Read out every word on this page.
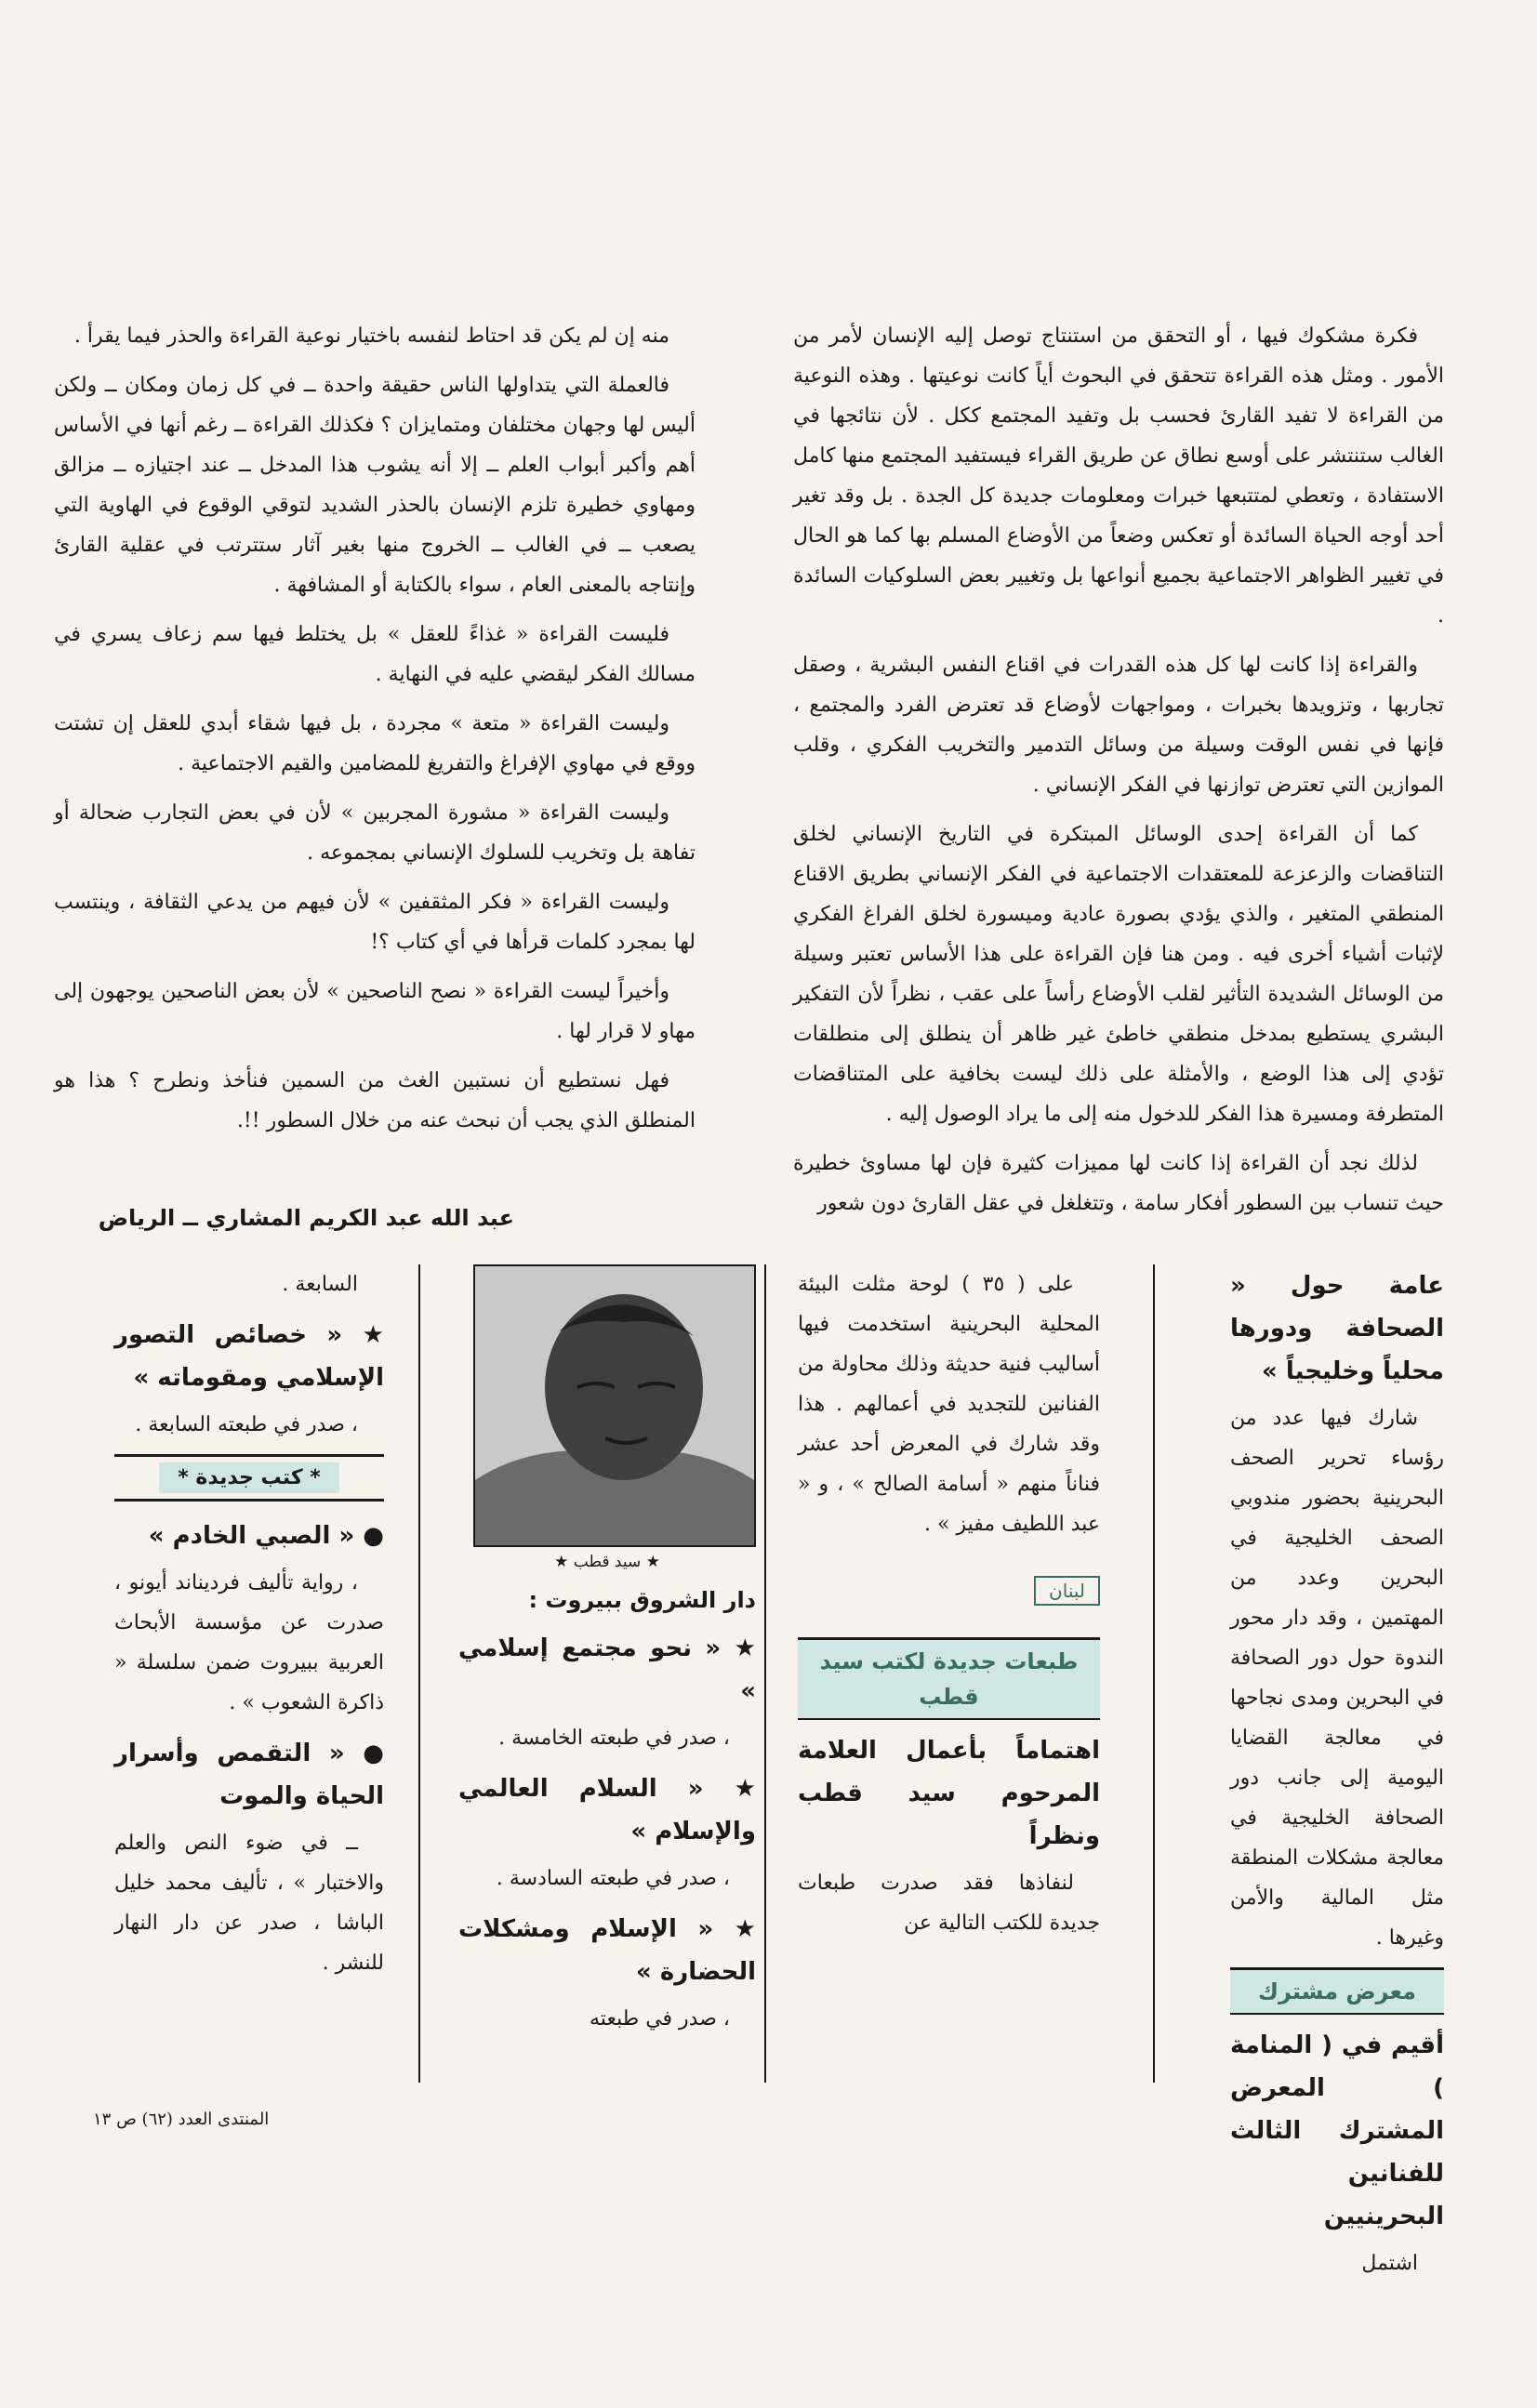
فكرة مشكوك فيها ، أو التحقق من استنتاج توصل إليه الإنسان لأمر من الأمور . ومثل هذه القراءة تتحقق في البحوث أياً كانت نوعيتها . وهذه النوعية من القراءة لا تفيد القارئ فحسب بل وتفيد المجتمع ككل . لأن نتائجها في الغالب ستنتشر على أوسع نطاق عن طريق القراء فيستفيد المجتمع منها كامل الاستفادة ، وتعطي لمتتبعها خبرات ومعلومات جديدة كل الجدة . بل وقد تغير أحد أوجه الحياة السائدة أو تعكس وضعاً من الأوضاع المسلم بها كما هو الحال في تغيير الظواهر الاجتماعية بجميع أنواعها بل وتغيير بعض السلوكيات السائدة .

والقراءة إذا كانت لها كل هذه القدرات في اقناع النفس البشرية ، وصقل تجاربها ، وتزويدها بخبرات ، ومواجهات لأوضاع قد تعترض الفرد والمجتمع ، فإنها في نفس الوقت وسيلة من وسائل التدمير والتخريب الفكري ، وقلب الموازين التي تعترض توازنها في الفكر الإنساني .

كما أن القراءة إحدى الوسائل المبتكرة في التاريخ الإنساني لخلق التناقضات والزعزعة للمعتقدات الاجتماعية في الفكر الإنساني بطريق الاقناع المنطقي المتغير ، والذي يؤدي بصورة عادية وميسورة لخلق الفراغ الفكري لإثبات أشياء أخرى فيه . ومن هنا فإن القراءة على هذا الأساس تعتبر وسيلة من الوسائل الشديدة التأثير لقلب الأوضاع رأساً على عقب ، نظراً لأن التفكير البشري يستطيع بمدخل منطقي خاطئ غير ظاهر أن ينطلق إلى منطلقات تؤدي إلى هذا الوضع ، والأمثلة على ذلك ليست بخافية على المتناقضات المتطرفة ومسيرة هذا الفكر للدخول منه إلى ما يراد الوصول إليه .

لذلك نجد أن القراءة إذا كانت لها مميزات كثيرة فإن لها مساوئ خطيرة حيث تنساب بين السطور أفكار سامة ، وتتغلغل في عقل القارئ دون شعور

منه إن لم يكن قد احتاط لنفسه باختيار نوعية القراءة والحذر فيما يقرأ .

فالعملة التي يتداولها الناس حقيقة واحدة ــ في كل زمان ومكان ــ ولكن أليس لها وجهان مختلفان ومتمايزان ؟ فكذلك القراءة ــ رغم أنها في الأساس أهم وأكبر أبواب العلم ــ إلا أنه يشوب هذا المدخل ــ عند اجتيازه ــ مزالق ومهاوي خطيرة تلزم الإنسان بالحذر الشديد لتوقي الوقوع في الهاوية التي يصعب ــ في الغالب ــ الخروج منها بغير آثار ستترتب في عقلية القارئ وإنتاجه بالمعنى العام ، سواء بالكتابة أو المشافهة .

فليست القراءة « غذاءً للعقل » بل يختلط فيها سم زعاف يسري في مسالك الفكر ليقضي عليه في النهاية .

وليست القراءة « متعة » مجردة ، بل فيها شقاء أبدي للعقل إن تشتت ووقع في مهاوي الإفراغ والتفريغ للمضامين والقيم الاجتماعية .

وليست القراءة « مشورة المجربين » لأن في بعض التجارب ضحالة أو تفاهة بل وتخريب للسلوك الإنساني بمجموعه .

وليست القراءة « فكر المثقفين » لأن فيهم من يدعي الثقافة ، وينتسب لها بمجرد كلمات قرأها في أي كتاب ؟!

وأخيراً ليست القراءة « نصح الناصحين » لأن بعض الناصحين يوجهون إلى مهاو لا قرار لها .

فهل نستطيع أن نستبين الغث من السمين فنأخذ ونطرح ؟ هذا هو المنطلق الذي يجب أن نبحث عنه من خلال السطور !!.

عبد الله عبد الكريم المشاري ــ الرياض
عامة حول « الصحافة ودورها محلياً وخليجياً »

شارك فيها عدد من رؤساء تحرير الصحف البحرينية بحضور مندوبي الصحف الخليجية في البحرين وعدد من المهتمين ، وقد دار محور الندوة حول دور الصحافة في البحرين ومدى نجاحها في معالجة القضايا اليومية إلى جانب دور الصحافة الخليجية في معالجة مشكلات المنطقة مثل المالية والأمن وغيرها .

معرض مشترك
أقيم في ( المنامة ) المعرض المشترك الثالث للفنانين البحرينيين

اشتمل

على ( ٣٥ ) لوحة مثلت البيئة المحلية البحرينية استخدمت فيها أساليب فنية حديثة وذلك محاولة من الفنانين للتجديد في أعمالهم . هذا وقد شارك في المعرض أحد عشر فناناً منهم « أسامة الصالح » ، و « عبد اللطيف مفيز » .

لبنان
طبعات جديدة لكتب سيد قطب
اهتماماً بأعمال العلامة المرحوم سيد قطب ونظراً

لنفاذها فقد صدرت طبعات جديدة للكتب التالية عن

★ سيد قطب ★
دار الشروق ببيروت :
★ « نحو مجتمع إسلامي »

، صدر في طبعته الخامسة .

★ « السلام العالمي والإسلام »

، صدر في طبعته السادسة .

★ « الإسلام ومشكلات الحضارة »

، صدر في طبعته

السابعة .

★ « خصائص التصور الإسلامي ومقوماته »

، صدر في طبعته السابعة .

* كتب جديدة *
● « الصبي الخادم »

، رواية تأليف فرديناند أيونو ، صدرت عن مؤسسة الأبحاث العربية ببيروت ضمن سلسلة « ذاكرة الشعوب » .

● « التقمص وأسرار الحياة والموت

ــ في ضوء النص والعلم والاختبار » ، تأليف محمد خليل الباشا ، صدر عن دار النهار للنشر .

المنتدى العدد (٦٢) ص ١٣
